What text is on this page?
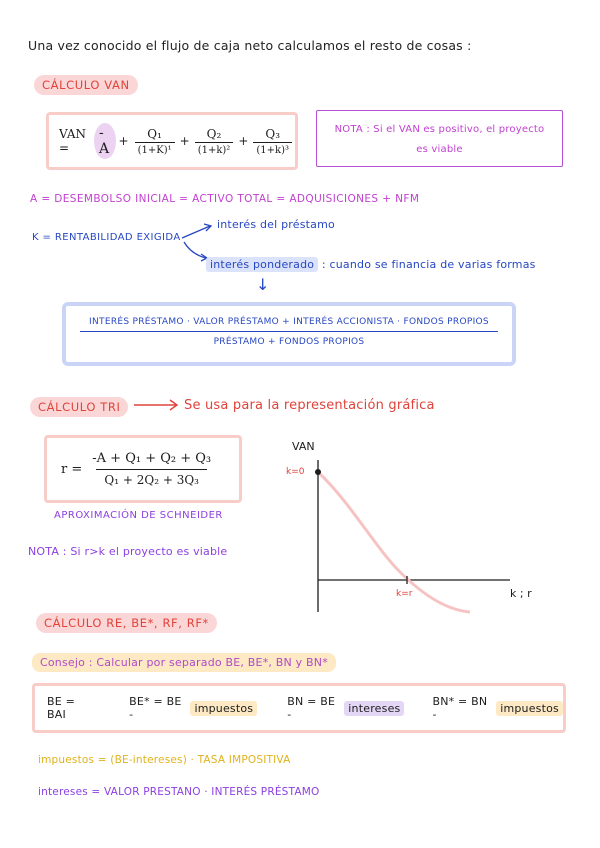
Una vez conocido el flujo de caja neto calculamos el resto de cosas :
CÁLCULO VAN
VAN =
$-A + \frac{\text{Q₁}}{\text{(1+K)¹}} + \frac{\text{Q₂}}{\text{(1+k)²}} + \frac{\text{Q₃}}{\text{(1+k)³}}$	NOTA : Si el VAN es positivo, el proyecto
es viable
A = DESEMBOLSO INICIAL = ACTIVO TOTAL = ADQUISICIONES + NFM
K = RENTABILIDAD EXIGIDA
interés del préstamo
interés ponderado : cuando se financia de varias formas
↓
INTERÉS PRÉSTAMO · VALOR PRÉSTAMO + INTERÉS ACCIONISTA · FONDOS PROPIOS
PRÉSTAMO + FONDOS PROPIOS
CÁLCULO TRI	Se usa para la representación gráfica
$r = \frac{\text{-A + Q₁ + Q₂ + Q₃}}{\text{Q₁ + 2Q₂ + 3Q₃}}$
APROXIMACIÓN DE SCHNEIDER
NOTA : Si r>k el proyecto es viable
VAN
k ; r
k=0
k=r
CÁLCULO RE, BE*, RF, RF*
Consejo : Calcular por separado BE, BE*, BN y BN*
BE = BAI
BE* = BE -	impuestos	BN = BE -	intereses	BN* = BN -	impuestos
impuestos = (BE-intereses) · TASA IMPOSITIVA
intereses = VALOR PRESTANO · INTERÉS PRÉSTAMO
